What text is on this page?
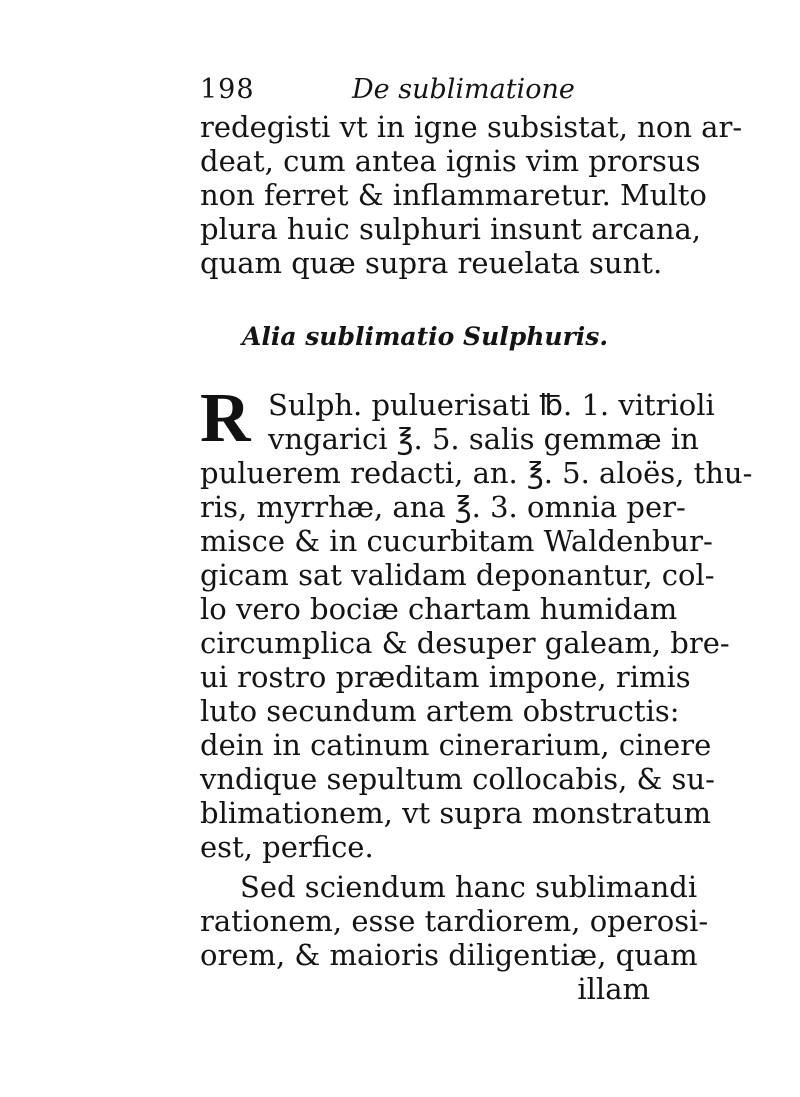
198	De sublimatione
redegisti vt in igne subsistat, non ar-
deat, cum antea ignis vim prorsus
non ferret & inflammaretur. Multo
plura huic sulphuri insunt arcana,
quam quæ supra reuelata sunt.
Alia sublimatio Sulphuris.
R Sulph. puluerisati ℔. 1. vitrioli
vngarici ℥. 5. salis gemmæ in
puluerem redacti, an. ℥. 5. aloës, thu-
ris, myrrhæ, ana ℥. 3. omnia per-
misce & in cucurbitam Waldenbur-
gicam sat validam deponantur, col-
lo vero bociæ chartam humidam
circumplica & desuper galeam, bre-
ui rostro præditam impone, rimis
luto secundum artem obstructis:
dein in catinum cinerarium, cinere
vndique sepultum collocabis, & su-
blimationem, vt supra monstratum
est, perfice.
Sed sciendum hanc sublimandi
rationem, esse tardiorem, operosi-
orem, & maioris diligentiæ, quam
illam
